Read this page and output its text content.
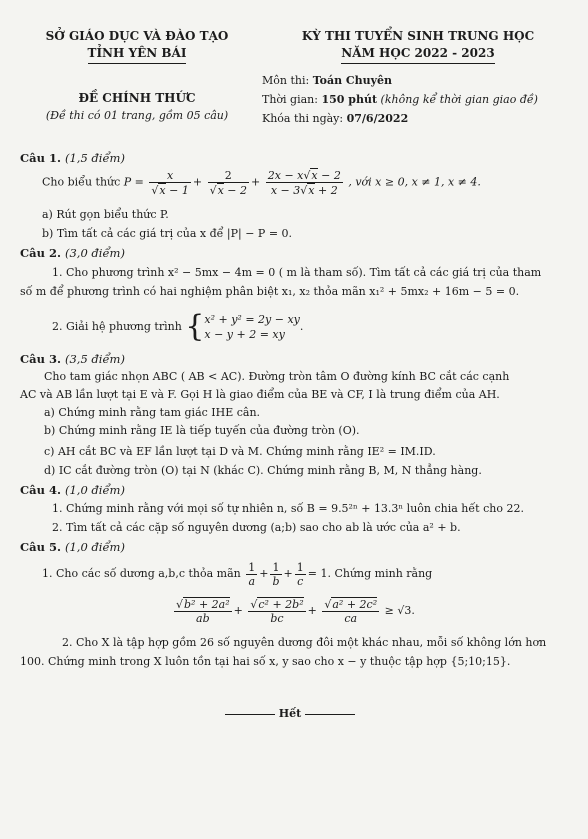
SỞ GIÁO DỤC VÀ ĐÀO TẠO
TỈNH YÊN BÁI
KỲ THI TUYỂN SINH TRUNG HỌC
NĂM HỌC 2022 - 2023
ĐỀ CHÍNH THỨC
(Đề thi có 01 trang, gồm 05 câu)
Môn thi: Toán Chuyên
Thời gian: 150 phút (không kể thời gian giao đề)
Khóa thi ngày: 07/6/2022
Câu 1. (1,5 điểm)
Cho biểu thức $P = \frac{x}{√x - 1} + \frac{2}{√x - 2} + \frac{2x - x√x - 2}{x - 3√x + 2}$ , với x ≥ 0, x ≠ 1, x ≠ 4.
a) Rút gọn biểu thức P.
b) Tìm tất cả các giá trị của x để |P| − P = 0.
Câu 2. (3,0 điểm)
1. Cho phương trình x² − 5mx − 4m = 0 ( m là tham số). Tìm tất cả các giá trị của tham
số m để phương trình có hai nghiệm phân biệt x₁, x₂ thỏa mãn x₁² + 5mx₂ + 16m − 5 = 0.
2. Giải hệ phương trình {x² + y² = 2y − xy
x − y + 2 = xy.
Câu 3. (3,5 điểm)
Cho tam giác nhọn ABC ( AB < AC). Đường tròn tâm O đường kính BC cắt các cạnh
AC và AB lần lượt tại E và F. Gọi H là giao điểm của BE và CF, I là trung điểm của AH.
a) Chứng minh rằng tam giác IHE cân.
b) Chứng minh rằng IE là tiếp tuyến của đường tròn (O).
c) AH cắt BC và EF lần lượt tại D và M. Chứng minh rằng IE² = IM.ID.
d) IC cắt đường tròn (O) tại N (khác C). Chứng minh rằng B, M, N thẳng hàng.
Câu 4. (1,0 điểm)
1. Chứng minh rằng với mọi số tự nhiên n, số B = 9.5²ⁿ + 13.3ⁿ luôn chia hết cho 22.
2. Tìm tất cả các cặp số nguyên dương (a;b) sao cho ab là ước của a² + b.
Câu 5. (1,0 điểm)
1. Cho các số dương a,b,c thỏa mãn $\frac{1}{a} + \frac{1}{b} + \frac{1}{c} = 1$. Chứng minh rằng
$\frac{\text{√b² + 2a²}}{ab} + \frac{\text{√c² + 2b²}}{bc} + \frac{\text{√a² + 2c²}}{ca} \ge √3$.
2. Cho X là tập hợp gồm 26 số nguyên dương đôi một khác nhau, mỗi số không lớn hơn
100. Chứng minh trong X luôn tồn tại hai số x, y sao cho x − y thuộc tập hợp {5;10;15}.
Hết
